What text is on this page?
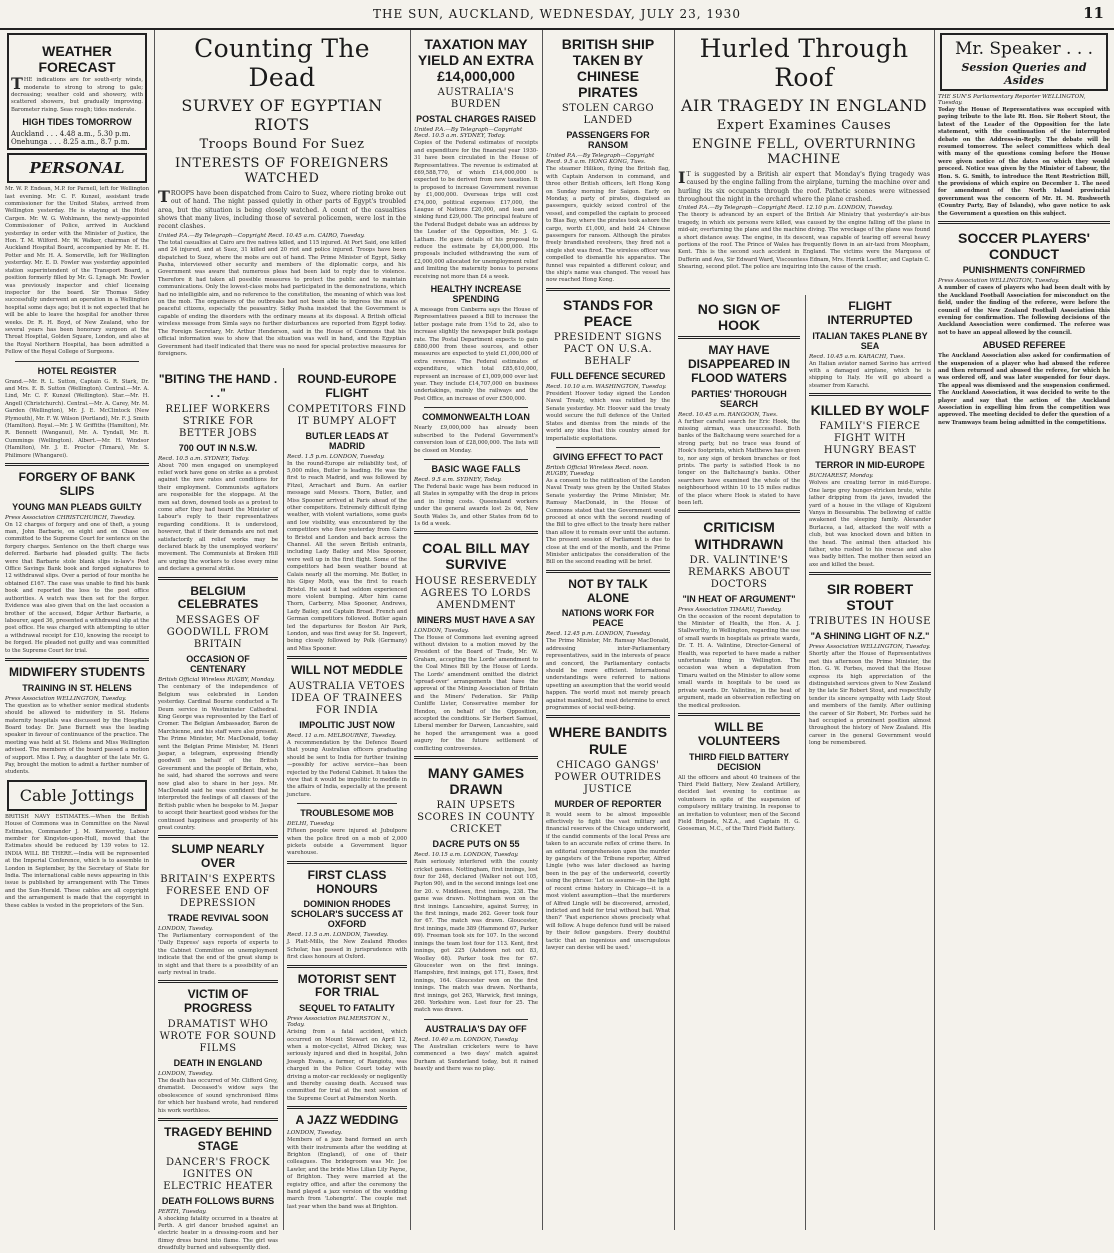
THE SUN, AUCKLAND, WEDNESDAY, JULY 23, 1930	11
WEATHER FORECAST
THE indications are for south-erly winds, moderate to strong to strong to gale; decreasing; weather cold and showery, with scattered showers, but gradually improving. Barometer rising. Seas rough; tides moderate.
HIGH TIDES TOMORROW
Auckland . . . 4.48 a.m., 5.30 p.m.
Onehunga . . . 8.25 a.m., 8.7 p.m.
PERSONAL
Mr. W. P. Endean, M.P. for Parnell, left for Wellington last evening. Mr. C. F. Kunzel, assistant trade commissioner for the United States, arrived from Wellington yesterday. He is staying at the Hotel Cargen. Mr. W. G. Wohlmann, the newly-appointed Commissioner of Police, arrived in Auckland yesterday in order with the Minister of Justice, the Hon. T. M. Wilford. Mr. W. Walker, chairman of the Auckland Hospital Board, accompanied by Mr. E. H. Potter and Mr. H. A. Somerville, left for Wellington yesterday. Mr. E. D. Fowler was yesterday appointed station superintendent of the Transport Board, a position formerly filled by Mr. G. Lynagh. Mr. Fowler was previously inspector and chief licensing inspector for the board. Sir Thomas Sidey successfully underwent an operation in a Wellington hospital some days ago; but it is not expected that he will be able to leave the hospital for another three weeks. Dr. R. H. Boyd, of New Zealand, who for several years has been honorary surgeon at the Throat Hospital, Golden Square, London, and also at the Royal Northern Hospital, has been admitted a Fellow of the Royal College of Surgeons.
HOTEL REGISTER
Grand.—Mr. R. L. Sutton, Captain G. R. Stark, Dr. and Mrs. E. B. Sutton (Wellington). Central.—Mr. A. Lind, Mr. C. F. Kunzel (Wellington). Star.—Mr. H. Angell (Christchurch). Central.—Mr. A. Carey, Mr. M. Garden (Wellington), Mr. J. E. McClintock (New Plymouth), Mr. F. W. Wilson (Portland), Mr. F. J. Smith (Hamilton). Royal.—Mr. J. W. Griffiths (Hamilton), Mr. R. Bennett (Wanganui), Mr. A. Tyndall, Mr. R. Cummings (Wellington). Albert.—Mr. H. Windsor (Hamilton), Mr. J. E. Proctor (Timaru), Mr. S. Philimore (Whangarei).
FORGERY OF BANK SLIPS
YOUNG MAN PLEADS GUILTY
Press Association CHRISTCHURCH, Tuesday.
On 12 charges of forgery and one of theft, a young man, John Barbarie, on eight and on Chase on committed to the Supreme Court for sentence on the forgery charges. Sentence on the theft charge was deferred. Barbarie had pleaded guilty. The facts were that Barbarie stole blank slips in-law's Post Office Savings Bank book and forged signatures to 12 withdrawal slips. Over a period of four months he obtained £167. The case was unable to find his bank book and reported the loss to the post office authorities. A watch was then set for the forger. Evidence was also given that on the last occasion a brother of the accused, Edgar Arthur Barbarie, a labourer, aged 36, presented a withdrawal slip at the post office. He was charged with attempting to utter a withdrawal receipt for £10, knowing the receipt to be forged. He pleaded not guilty and was committed to the Supreme Court for trial.
MIDWIFERY STUDENTS
TRAINING IN ST. HELENS
Press Association WELLINGTON, Tuesday.
The question as to whether senior medical students should be allowed to midwifery in St. Helens maternity hospitals was discussed by the Hospitals Board today. Dr. Jane Burnett was the leading speaker in favour of continuance of the practice. The meeting was held at St. Helens and Miss Wellington advised. The members of the board passed a motion of support. Miss I. Pay, a daughter of the late Mr. G. Pay, brought the motion to admit a further number of students.
Cable Jottings
BRITISH NAVY ESTIMATES.—When the British House of Commons was in Committee on the Naval Estimates, Commander J. M. Kenworthy, Labour member for Kingston-upon-Hull, moved that the Estimates should be reduced by 139 votes to 12. INDIA WILL BE THERE.—India will be represented at the Imperial Conference, which is to assemble in London in September, by the Secretary of State for India. The international cable news appearing in this issue is published by arrangement with The Times and the Sun-Herald. These cables are all copyright and the arrangement is made that the copyright in these cables is vested in the proprietors of the Sun.
Counting The Dead
SURVEY OF EGYPTIAN RIOTS
Troops Bound For Suez
INTERESTS OF FOREIGNERS WATCHED
TROOPS have been dispatched from Cairo to Suez, where rioting broke out out of hand. The night passed quietly in other parts of Egypt's troubled area, but the situation is being closely watched. A count of the casualties shows that many lives, including those of several policemen, were lost in the recent clashes.
United P.A.—By Telegraph—Copyright Recd. 10.45 a.m. CAIRO, Tuesday.
The total casualties at Cairo are five natives killed, and 115 injured. At Port Said, one killed and 24 injured, and at Suez, 31 killed and 20 riot and police injured. Troops have been dispatched to Suez, where the mobs are out of hand. The Prime Minister of Egypt, Sidky Pasha, interviewed other security and members of the diplomatic corps, and his Government was aware that numerous pleas had been laid to reply due to violence. Therefore it had taken all possible measures to protect the public and to maintain communications. Only the lowest-class mobs had participated in the demonstrations, which had no intelligible aim, and no reference to the constitution, the meaning of which was lost on the mob. The organisers of the outbreaks had not been able to impress the mass of peaceful citizens, especially the peasantry. Sidky Pasha insisted that the Government is capable of ending the disorders with the ordinary means at its disposal. A British official wireless message from Simla says no further disturbances are reported from Egypt today. The Foreign Secretary, Mr. Arthur Henderson, said in the House of Commons that his official information was to show that the situation was well in hand, and the Egyptian Government had itself indicated that there was no need for special protective measures for foreigners.
"BITING THE HAND . . ."
RELIEF WORKERS STRIKE FOR BETTER JOBS
700 OUT IN N.S.W.
Recd. 10.5 a.m. SYDNEY, Today.
About 700 men engaged on unemployed relief work have gone on strike as a protest against the new rates and conditions for their employment. Communists agitators are responsible for the stoppage. At the men sat down, downed tools as a protest to come after they had heard the Minister of Labour's reply to their representatives regarding conditions. It is understood, however, that if their demands are not met satisfactorily all relief works may be declared black by the unemployed workers' movement. The Communists at Broken Hill are urging the workers to close every mine and declare a general strike.
BELGIUM CELEBRATES
MESSAGES OF GOODWILL FROM BRITAIN
OCCASION OF CENTENARY
British Official Wireless RUGBY, Monday.
The centenary of the independence of Belgium was celebrated in London yesterday. Cardinal Bourne conducted a Te Deum service in Westminster Cathedral. King George was represented by the Earl of Cromer. The Belgian Ambassador, Baron de Marchienne, and his staff were also present. The Prime Minister, Mr. MacDonald, today sent the Belgian Prime Minister, M. Henri Jaspar, a telegram, expressing friendly goodwill on behalf of the British Government and the people of Britain, who, he said, had shared the sorrows and were now glad also to share in her joys. Mr. MacDonald said he was confident that he interpreted the feelings of all classes of the British public when he bespoke to M. Jaspar to accept their heartiest good wishes for the continued happiness and prosperity of his great country.
SLUMP NEARLY OVER
BRITAIN'S EXPERTS FORESEE END OF DEPRESSION
TRADE REVIVAL SOON
LONDON, Tuesday.
The Parliamentary correspondent of the 'Daily Express' says reports of experts to the Cabinet Committee on unemployment indicate that the end of the great slump is in sight and that there is a possibility of an early revival in trade.
VICTIM OF PROGRESS
DRAMATIST WHO WROTE FOR SOUND FILMS
DEATH IN ENGLAND
LONDON, Tuesday.
The death has occurred of Mr. Clifford Grey, dramatist. Deceased's widow says the obsolescence of sound synchronised films for which her husband wrote, had rendered his work worthless.
TRAGEDY BEHIND STAGE
DANCER'S FROCK IGNITES ON ELECTRIC HEATER
DEATH FOLLOWS BURNS
PERTH, Tuesday.
A shocking fatality occurred in a theatre at Perth. A girl dancer brushed against an electric heater in a dressing-room and her flimsy dress burst into flame. The girl was dreadfully burned and subsequently died.
ROUND-EUROPE FLIGHT
COMPETITORS FIND IT BUMPY ALOFT
BUTLER LEADS AT MADRID
Recd. 1.5 p.m. LONDON, Tuesday.
In the round-Europe air reliability test, of 5,000 miles, Butler is leading. He was the first to reach Madrid, and was followed by Fitzel, Arrachart and Burn. An earlier message said Messrs. Thorn, Butler, and Miss Spooner arrived at Paris ahead of the other competitors. Extremely difficult flying weather, with violent variations, some gusts and low visibility, was encountered by the competitors who flew yesterday from Cairo to Bristol and London and back across the Channel. All the seven British entrants, including Lady Bailey and Miss Spooner, were well up in the first flight. Some of the competitors had been weather bound at Calais nearly all the morning. Mr. Butler, in his Gipsy Moth, was the first to reach Bristol. He said it had seldom experienced more violent bumping. After him came Thorn, Carberry, Miss Spooner, Andrews, Lady Bailey, and Captain Broad. French and German competitors followed. Butler again led the departures for Boston Air Park, London, and was first away for St. Ingevert, being closely followed by Polk (Germany) and Miss Spooner.
WILL NOT MEDDLE
AUSTRALIA VETOES IDEA OF TRAINEES FOR INDIA
IMPOLITIC JUST NOW
Recd. 11 a.m. MELBOURNE, Tuesday.
A recommendation by the Defence Board that young Australian officers graduating should be sent to India for further training—possibly for active service—has been rejected by the Federal Cabinet. It takes the view that it would be impolitic to meddle in the affairs of India, especially at the present juncture.
TROUBLESOME MOB
DELHI, Tuesday.
Fifteen people were injured at Jubulpore when the police fired on a mob of 2,000 pickets outside a Government liquor warehouse.
FIRST CLASS HONOURS
DOMINION RHODES SCHOLAR'S SUCCESS AT OXFORD
Recd. 11.5 a.m. LONDON, Tuesday.
J. Platt-Mills, the New Zealand Rhodes Scholar, has passed in jurisprudence with first class honours at Oxford.
MOTORIST SENT FOR TRIAL
SEQUEL TO FATALITY
Press Association PALMERSTON N., Today.
Arising from a fatal accident, which occurred on Mount Stewart on April 12, when a motor-cyclist, Alfred Dickey, was seriously injured and died in hospital, John Joseph Evans, a farmer, of Rangiotu, was charged in the Police Court today with driving a motor-car recklessly or negligently and thereby causing death. Accused was committed for trial at the next session of the Supreme Court at Palmerston North.
A JAZZ WEDDING
LONDON, Tuesday.
Members of a jazz band formed an arch with their instruments after the wedding at Brighton (England), of one of their colleagues. The bridegroom was Mr. Joe Lawler, and the bride Miss Lilian Lily Payne, of Brighton. They were married at the registry office, and after the ceremony the band played a jazz version of the wedding march from 'Lohengrin'. The couple met last year when the band was at Brighton.
TAXATION MAY YIELD AN EXTRA £14,000,000
AUSTRALIA'S BURDEN
POSTAL CHARGES RAISED
United P.A.—By Telegraph—Copyright Recd. 10.5 a.m. SYDNEY, Today.
Copies of the Federal estimates of receipts and expenditure for the financial year 1930-31 have been circulated in the House of Representatives. The revenue is estimated at £69,588,770, of which £14,000,000 is expected to be derived from new taxation. It is proposed to increase Government revenue by £1,000,000. Overseas trips will cost £74,000, political expenses £17,000, the League of Nations £20,000, and loan and sinking fund £29,000. The principal feature of the Federal Budget debate was an address by the Leader of the Opposition, Mr. J. G. Latham. He gave details of his proposal to reduce the estimate by £4,000,000. His proposals included withdrawing the sum of £2,000,000 allocated for unemployment relief and limiting the maternity bonus to persons receiving not more than £4 a week.
HEALTHY INCREASE SPENDING
A message from Canberra says the House of Representatives passed a Bill to increase the letter postage rate from 1½d to 2d, also to increase slightly the newspaper bulk postage rate. The Postal Department expects to gain £880,000 from these sources, and other measures are expected to yield £1,000,000 of extra revenue. The Federal estimates of expenditure, which total £85,610,000, represent an increase of £1,009,000 over last year. They include £14,707,000 on business undertakings, mainly the railways and the Post Office, an increase of over £500,000.
COMMONWEALTH LOAN
Nearly £9,000,000 has already been subscribed to the Federal Government's conversion loan of £28,000,000. The lists will be closed on Monday.
BASIC WAGE FALLS
Recd. 9.5 a.m. SYDNEY, Today.
The Federal basic wage has been reduced in all States in sympathy with the drop in prices and in living costs. Queensland workers under the general awards lost 2s 6d, New South Wales 3s, and other States from 6d to 1s 6d a week.
COAL BILL MAY SURVIVE
HOUSE RESERVEDLY AGREES TO LORDS AMENDMENT
MINERS MUST HAVE A SAY
LONDON, Tuesday.
The House of Commons last evening agreed without division to a motion moved by the President of the Board of Trade, Mr. W. Graham, accepting the Lords' amendment to the Coal Mines Bill by the House of Lords. The Lords' amendment omitted the district 'spread-over' arrangements that have the approval of the Mining Association of Britain and the Miners' Federation. Sir Philip Cunliffe Lister, Conservative member for Hendon, on behalf of the Opposition, accepted the conditions. Sir Herbert Samuel, Liberal member for Darwen, Lancashire, said he hoped the arrangement was a good augury for the future settlement of conflicting controversies.
MANY GAMES DRAWN
RAIN UPSETS SCORES IN COUNTY CRICKET
DACRE PUTS ON 55
Recd. 10.15 a.m. LONDON, Tuesday.
Rain seriously interfered with the county cricket games. Nottingham, first innings, lost four for 248, declared (Walker not out 105, Payton 90), and in the second innings lost one for 20. v. Middlesex, first innings, 238. The game was drawn. Nottingham won on the first innings. Lancashire, against Surrey, in the first innings, made 262. Gover took four for 67. The match was drawn. Gloucester, first innings, made 389 (Hammond 67, Parker 69). Freeman took six for 107. In the second innings the team lost four for 113. Kent, first innings, got 225 (Ashdown not out 83, Woolley 68). Parker took five for 67. Gloucester won on the first innings. Hampshire, first innings, got 171, Essex, first innings, 164. Gloucester won on the first innings. The match was drawn. Northants, first innings, got 263, Warwick, first innings, 260. Yorkshire won. Lost four for 25. The match was drawn.
AUSTRALIA'S DAY OFF
Recd. 10.40 a.m. LONDON, Tuesday.
The Australian cricketers were to have commenced a two days' match against Durham at Sunderland today, but it rained heavily and there was no play.
BRITISH SHIP TAKEN BY CHINESE PIRATES
STOLEN CARGO LANDED
PASSENGERS FOR RANSOM
United P.A.—By Telegraph—Copyright Recd. 9.5 a.m. HONG KONG, Tues.
The steamer Hilikon, flying the British flag, with Captain Anderson in command, and three other British officers, left Hong Kong on Sunday morning for Saigon. Early on Monday, a party of pirates, disguised as passengers, quickly seized control of the vessel, and compelled the captain to proceed to Bias Bay, where the pirates took ashore the cargo, worth £1,000, and held 24 Chinese passengers for ransom. Although the pirates freely brandished revolvers, they fired not a single shot was fired. The wireless officer was compelled to dismantle his apparatus. The funnel was repainted a different colour, and the ship's name was changed. The vessel has now reached Hong Kong.
STANDS FOR PEACE
PRESIDENT SIGNS PACT ON U.S.A. BEHALF
FULL DEFENCE SECURED
Recd. 10.10 a.m. WASHINGTON, Tuesday.
President Hoover today signed the London Naval Treaty, which was ratified by the Senate yesterday. Mr. Hoover said the treaty would secure the full defence of the United States and dismiss from the minds of the world any idea that this country aimed for imperialistic exploitations.
GIVING EFFECT TO PACT
British Official Wireless Recd. noon. RUGBY, Tuesday.
As a consent to the ratification of the London Naval Treaty was given by the United States Senate yesterday the Prime Minister, Mr. Ramsay MacDonald, in the House of Commons stated that the Government would proceed at once with the second reading of the Bill to give effect to the treaty here rather than allow it to remain over until the autumn. The present session of Parliament is due to close at the end of the month, and the Prime Minister anticipates the consideration of the Bill on the second reading will be brief.
NOT BY TALK ALONE
NATIONS WORK FOR PEACE
Recd. 12.45 p.m. LONDON, Tuesday.
The Prime Minister, Mr. Ramsay MacDonald, addressing inter-Parliamentary representatives, said in the interests of peace and concord, the Parliamentary contacts should be more efficient. International understandings were referred to nations upsetting an assumption that the world would happen. The world must not merely preach against mankind, but must determine to erect programmes of social well-being.
WHERE BANDITS RULE
CHICAGO GANGS' POWER OUTRIDES JUSTICE
MURDER OF REPORTER
It would seem to be almost impossible effectively to fight the vast military and financial reserves of the Chicago underworld, if the candid comments of the local Press are taken to an accurate reflex of crime there. In an editorial comprehension upon the murder by gangsters of the Tribune reporter, Alfred Lingle (who was later disclosed as having been in the pay of the underworld, covertly using the phrase: 'Let us assume—in the light of recent crime history in Chicago—it is a most violent assumption—that the murderers of Alfred Lingle will be discovered, arrested, indicted and held for trial without bail. What then?' 'Past experience shows precisely what will follow. A huge defence fund will be raised by their fellow gangsters. Every doubtful tactic that an ingenious and unscrupulous lawyer can devise will be used.'
Hurled Through Roof
AIR TRAGEDY IN ENGLAND
Expert Examines Causes
ENGINE FELL, OVERTURNING MACHINE
IT is suggested by a British air expert that Monday's flying tragedy was caused by the engine falling from the airplane, turning the machine over and hurling its six occupants through the roof. Pathetic scenes were witnessed throughout the night in the orchard where the plane crashed.
United P.A.—By Telegraph—Copyright Recd. 12.10 p.m. LONDON, Tuesday.
The theory is advanced by an expert of the British Air Ministry that yesterday's air-bus tragedy, in which six persons were killed, was caused by the engine falling off the plane in mid-air, overturning the plane and the machine diving. The wreckage of the plane was found a short distance away. The engine, in its descent, was capable of tearing off several heavy portions of the roof. The Prince of Wales has frequently flown in an air-taxi from Meopham, Kent. This is the second such accident in England. The victims were the Marquess of Dufferin and Ava, Sir Edward Ward, Viscountess Ednam, Mrs. Henrik Loeffler, and Captain C. Shearing, second pilot. The police are inquiring into the cause of the crash.
NO SIGN OF HOOK
MAY HAVE DISAPPEARED IN FLOOD WATERS
PARTIES' THOROUGH SEARCH
Recd. 10.45 a.m. RANGOON, Tues.
A further careful search for Eric Hook, the missing airman, was unsuccessful. Both banks of the Baltchaung were searched for a strong party, but no trace was found of Hook's footprints, which Matthews has given to, nor any sign of broken branches or foot prints. The party is satisfied Hook is no longer on the Baltchaung's banks. Other searchers have examined the whole of the neighbourhood within 10 to 15 miles radius of the place where Hook is stated to have been left.
CRITICISM WITHDRAWN
DR. VALINTINE'S REMARKS ABOUT DOCTORS
"IN HEAT OF ARGUMENT"
Press Association TIMARU, Tuesday.
On the occasion of the recent deputation to the Minister of Health, the Hon. A. J. Stallworthy, in Wellington, regarding the use of small wards in hospitals as private wards, Dr. T. H. A. Valintine, Director-General of Health, was reported to have made a rather unfortunate thing in Wellington. The occasion was when a deputation from Timaru waited on the Minister to allow some small wards in hospitals to be used as private wards. Dr. Valintine, in the heat of argument, made an observation reflecting on the medical profession.
WILL BE VOLUNTEERS
THIRD FIELD BATTERY DECISION
All the officers and about 40 trainees of the Third Field Battery, New Zealand Artillery, decided last evening to continue as volunteers in spite of the suspension of compulsory military training. In response to an invitation to volunteer, men of the Second Field Brigade, N.Z.A., and Captain H. G. Gooseman, M.C., of the Third Field Battery.
FLIGHT INTERRUPTED
ITALIAN TAKES PLANE BY SEA
Recd. 10.45 a.m. KARACHI, Tues.
An Italian aviator named Savino has arrived with a damaged airplane, which he is shipping to Italy. He will go aboard a steamer from Karachi.
KILLED BY WOLF
FAMILY'S FIERCE FIGHT WITH HUNGRY BEAST
TERROR IN MID-EUROPE
BUCHAREST, Monday.
Wolves are creating terror in mid-Europe. One large grey hunger-stricken brute, white lather dripping from its jaws, invaded the yard of a house in the village of Kigulzeni Vanya in Bessarabia. The bellowing of cattle awakened the sleeping family. Alexander Burlacea, a lad, attacked the wolf with a club, but was knocked down and bitten in the head. The animal then attacked his father, who rushed to his rescue and also was badly bitten. The mother then seized an axe and killed the beast.
SIR ROBERT STOUT
TRIBUTES IN HOUSE
"A SHINING LIGHT OF N.Z."
Press Association WELLINGTON, Tuesday.
Shortly after the House of Representatives met this afternoon the Prime Minister, the Hon. G. W. Forbes, moved that the House express its high appreciation of the distinguished services given to New Zealand by the late Sir Robert Stout, and respectfully tender its sincere sympathy with Lady Stout and members of the family. After outlining the career of Sir Robert, Mr. Forbes said he had occupied a prominent position almost throughout the history of New Zealand. His career in the general Government would long be remembered.
Mr. Speaker . . .
Session Queries and Asides
THE SUN'S Parliamentary Reporter WELLINGTON, Tuesday.
Today the House of Representatives was occupied with paying tribute to the late Rt. Hon. Sir Robert Stout, the latest of the Leader of the Opposition for the late statement, with the continuation of the interrupted debate on the Address-in-Reply. The debate will be resumed tomorrow. The select committees which deal with many of the questions coming before the House were given notice of the dates on which they would proceed. Notice was given by the Minister of Labour, the Hon. S. G. Smith, to introduce the Rent Restriction Bill, the provisions of which expire on December 1. The need for amendment of the North Island provincial government was the concern of Mr. H. M. Rushworth (Country Party, Bay of Islands), who gave notice to ask the Government a question on this subject.
SOCCER PLAYERS' CONDUCT
PUNISHMENTS CONFIRMED
Press Association WELLINGTON, Tuesday.
A number of cases of players who had been dealt with by the Auckland Football Association for misconduct on the field, under the finding of the referee, were before the council of the New Zealand Football Association this evening for confirmation. The following decisions of the Auckland Association were confirmed. The referee was not to have an appeal allowed by the council.
ABUSED REFEREE
The Auckland Association also asked for confirmation of the suspension of a player who had abused the referee and then returned and abused the referee, for which he was ordered off, and was later suspended for four days. The appeal was dismissed and the suspension confirmed. The Auckland Association, it was decided to write to the player and say that the action of the Auckland Association in expelling him from the competition was approved. The meeting decided to defer the question of a new Tramways team being admitted in the competitions.
